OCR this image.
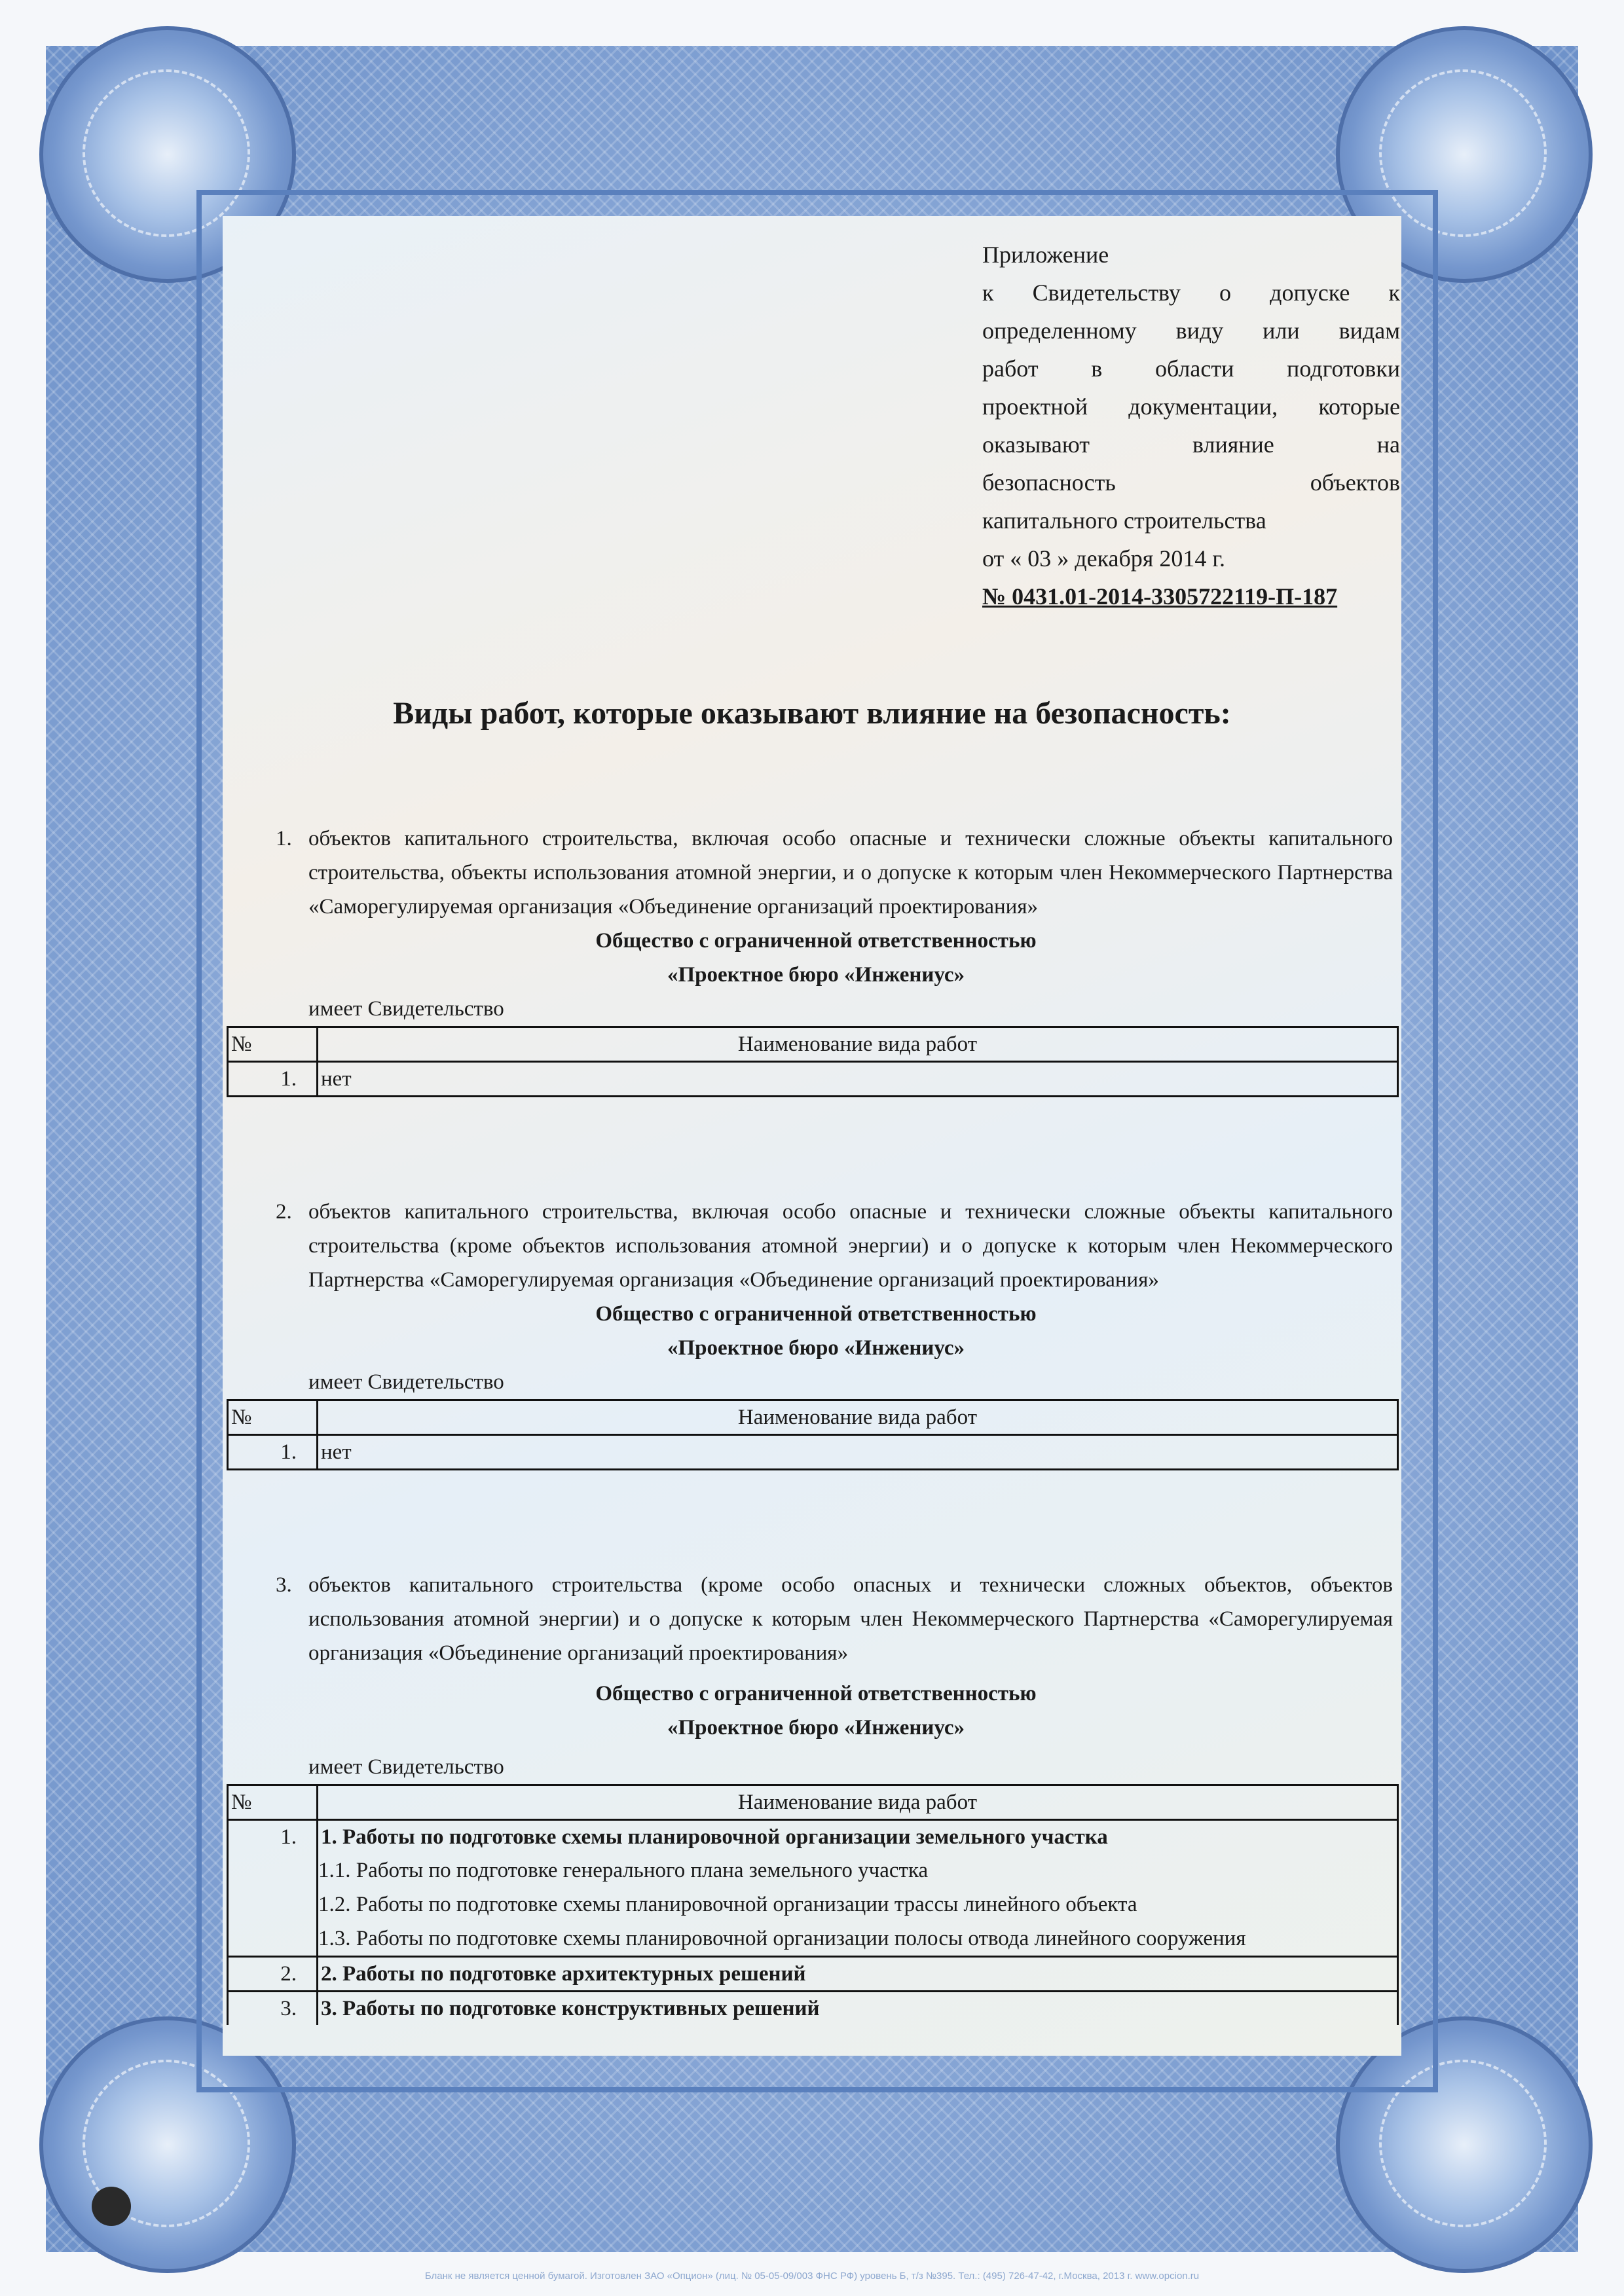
Бланк не является ценной бумагой. Изготовлен ЗАО «Опцион» (лиц. № 05-05-09/003 ФНС РФ) уровень Б, т/з №395. Тел.: (495) 726-47-42, г.Москва, 2013 г. www.opcion.ru
Приложение
к Свидетельству о допуске к
определенному виду или видам
работ в области подготовки
проектной документации, которые
оказывают влияние на
безопасность объектов
капитального строительства
от « 03 » декабря 2014 г.
№ 0431.01-2014-3305722119-П-187
Виды работ, которые оказывают влияние на безопасность:
1. объектов капитального строительства, включая особо опасные и технически сложные объекты капитального строительства, объекты использования атомной энергии, и о допуске к которым член Некоммерческого Партнерства «Саморегулируемая организация «Объединение организаций проектирования»
Общество с ограниченной ответственностью
«Проектное бюро «Инжениус»
имеет Свидетельство
№	Наименование вида работ
1.	нет
2. объектов капитального строительства, включая особо опасные и технически сложные объекты капитального строительства (кроме объектов использования атомной энергии) и о допуске к которым член Некоммерческого Партнерства «Саморегулируемая организация «Объединение организаций проектирования»
Общество с ограниченной ответственностью
«Проектное бюро «Инжениус»
имеет Свидетельство
№	Наименование вида работ
1.	нет
3. объектов капитального строительства (кроме особо опасных и технически сложных объектов, объектов использования атомной энергии) и о допуске к которым член Некоммерческого Партнерства «Саморегулируемая организация «Объединение организаций проектирования»
Общество с ограниченной ответственностью
«Проектное бюро «Инжениус»
имеет Свидетельство
№	Наименование вида работ
1.	1. Работы по подготовке схемы планировочной организации земельного участка
	1.1. Работы по подготовке генерального плана земельного участка
	1.2. Работы по подготовке схемы планировочной организации трассы линейного объекта
	1.3. Работы по подготовке схемы планировочной организации полосы отвода линейного сооружения
2.	2. Работы по подготовке архитектурных решений
3.	3. Работы по подготовке конструктивных решений
